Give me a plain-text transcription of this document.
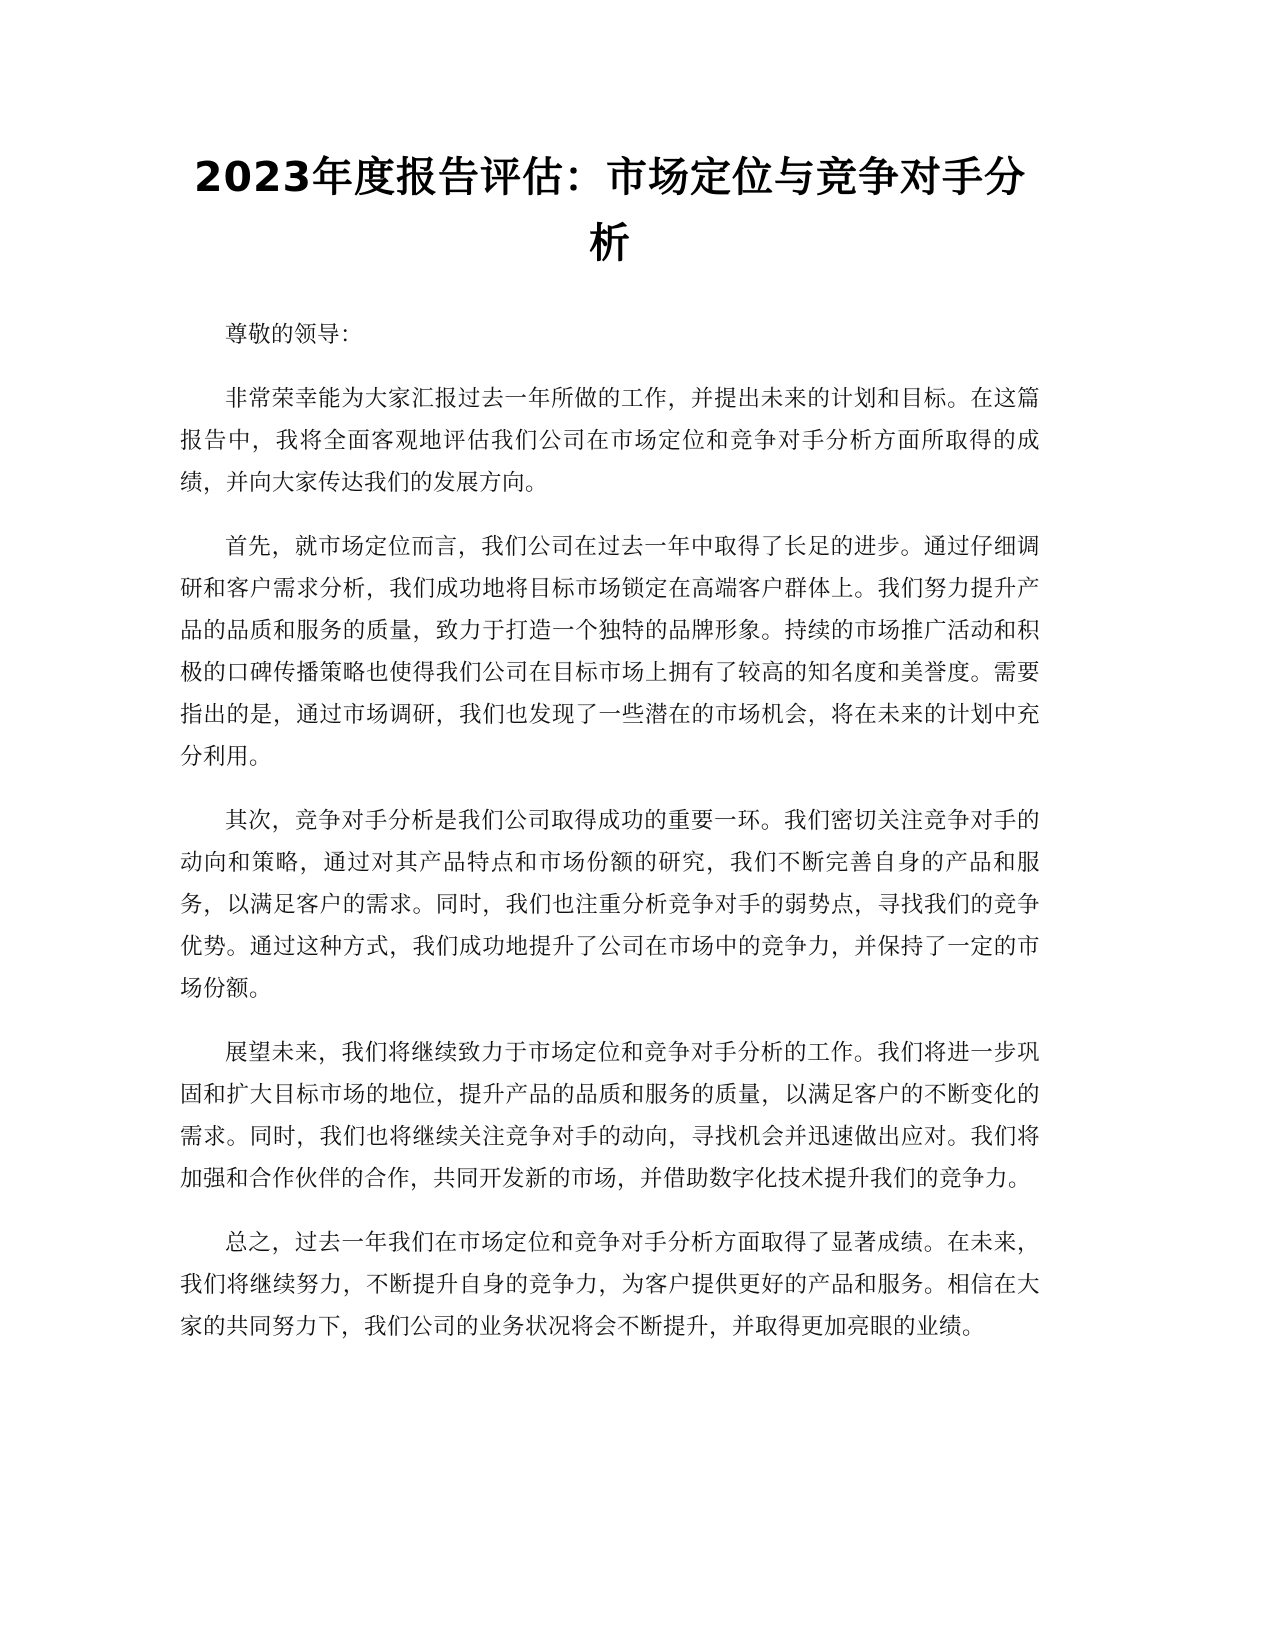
2023年度报告评估：市场定位与竞争对手分
析

尊敬的领导：

非常荣幸能为大家汇报过去一年所做的工作，并提出未来的计划和目标。在这篇报告中，我将全面客观地评估我们公司在市场定位和竞争对手分析方面所取得的成绩，并向大家传达我们的发展方向。

首先，就市场定位而言，我们公司在过去一年中取得了长足的进步。通过仔细调研和客户需求分析，我们成功地将目标市场锁定在高端客户群体上。我们努力提升产品的品质和服务的质量，致力于打造一个独特的品牌形象。持续的市场推广活动和积极的口碑传播策略也使得我们公司在目标市场上拥有了较高的知名度和美誉度。需要指出的是，通过市场调研，我们也发现了一些潜在的市场机会，将在未来的计划中充分利用。

其次，竞争对手分析是我们公司取得成功的重要一环。我们密切关注竞争对手的动向和策略，通过对其产品特点和市场份额的研究，我们不断完善自身的产品和服务，以满足客户的需求。同时，我们也注重分析竞争对手的弱势点，寻找我们的竞争优势。通过这种方式，我们成功地提升了公司在市场中的竞争力，并保持了一定的市场份额。

展望未来，我们将继续致力于市场定位和竞争对手分析的工作。我们将进一步巩固和扩大目标市场的地位，提升产品的品质和服务的质量，以满足客户的不断变化的需求。同时，我们也将继续关注竞争对手的动向，寻找机会并迅速做出应对。我们将加强和合作伙伴的合作，共同开发新的市场，并借助数字化技术提升我们的竞争力。

总之，过去一年我们在市场定位和竞争对手分析方面取得了显著成绩。在未来，我们将继续努力，不断提升自身的竞争力，为客户提供更好的产品和服务。相信在大家的共同努力下，我们公司的业务状况将会不断提升，并取得更加亮眼的业绩。
